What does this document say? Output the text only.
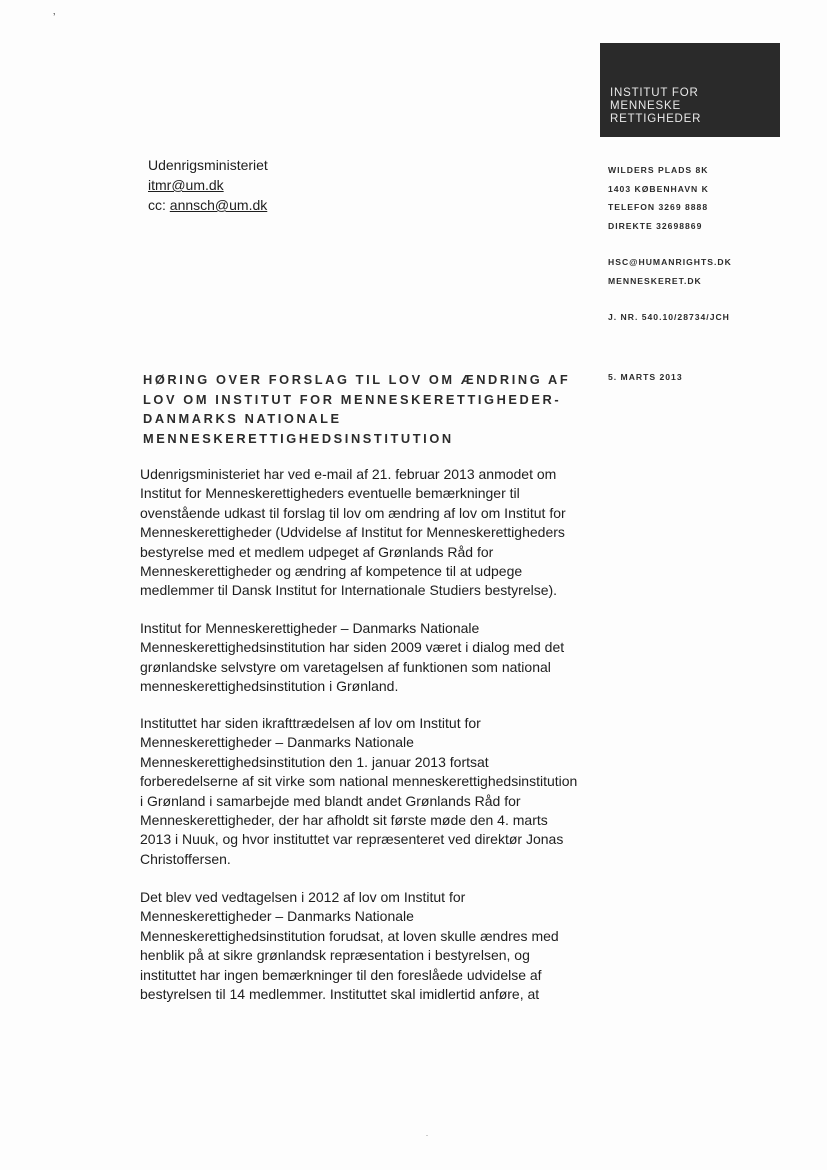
ʼ
INSTITUT FOR
MENNESKE
RETTIGHEDER
Udenrigsministeriet
itmr@um.dk
cc: annsch@um.dk
WILDERS PLADS 8K
1403 KØBENHAVN K
TELEFON 3269 8888
DIREKTE 32698869
HSC@HUMANRIGHTS.DK
MENNESKERET.DK
J. NR. 540.10/28734/JCH
5. MARTS 2013
HØRING OVER FORSLAG TIL LOV OM ÆNDRING AF
LOV OM INSTITUT FOR MENNESKERETTIGHEDER-
DANMARKS NATIONALE
MENNESKERETTIGHEDSINSTITUTION
Udenrigsministeriet har ved e-mail af 21. februar 2013 anmodet om
Institut for Menneskerettigheders eventuelle bemærkninger til
ovenstående udkast til forslag til lov om ændring af lov om Institut for
Menneskerettigheder (Udvidelse af Institut for Menneskerettigheders
bestyrelse med et medlem udpeget af Grønlands Råd for
Menneskerettigheder og ændring af kompetence til at udpege
medlemmer til Dansk Institut for Internationale Studiers bestyrelse).
Institut for Menneskerettigheder – Danmarks Nationale
Menneskerettighedsinstitution har siden 2009 været i dialog med det
grønlandske selvstyre om varetagelsen af funktionen som national
menneskerettighedsinstitution i Grønland.
Instituttet har siden ikrafttrædelsen af lov om Institut for
Menneskerettigheder – Danmarks Nationale
Menneskerettighedsinstitution den 1. januar 2013 fortsat
forberedelserne af sit virke som national menneskerettighedsinstitution
i Grønland i samarbejde med blandt andet Grønlands Råd for
Menneskerettigheder, der har afholdt sit første møde den 4. marts
2013 i Nuuk, og hvor instituttet var repræsenteret ved direktør Jonas
Christoffersen.
Det blev ved vedtagelsen i 2012 af lov om Institut for
Menneskerettigheder – Danmarks Nationale
Menneskerettighedsinstitution forudsat, at loven skulle ændres med
henblik på at sikre grønlandsk repræsentation i bestyrelsen, og
instituttet har ingen bemærkninger til den foreslåede udvidelse af
bestyrelsen til 14 medlemmer. Instituttet skal imidlertid anføre, at
